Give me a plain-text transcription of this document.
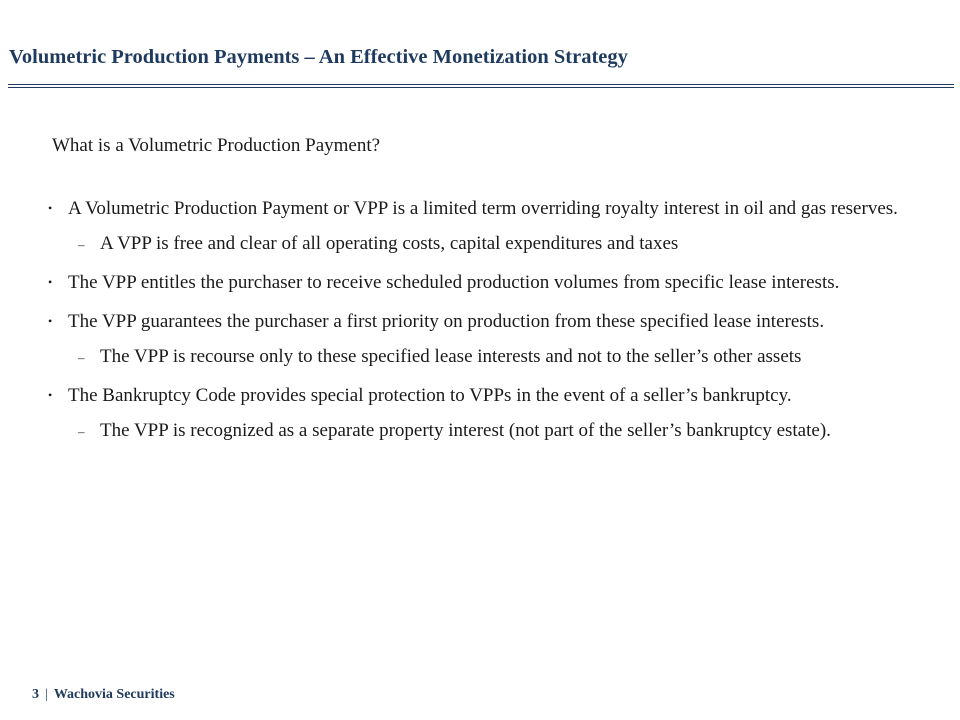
Volumetric Production Payments – An Effective Monetization Strategy

What is a Volumetric Production Payment?

• A Volumetric Production Payment or VPP is a limited term overriding royalty interest in oil and gas reserves.
– A VPP is free and clear of all operating costs, capital expenditures and taxes
• The VPP entitles the purchaser to receive scheduled production volumes from specific lease interests.
• The VPP guarantees the purchaser a first priority on production from these specified lease interests.
– The VPP is recourse only to these specified lease interests and not to the seller’s other assets
• The Bankruptcy Code provides special protection to VPPs in the event of a seller’s bankruptcy.
– The VPP is recognized as a separate property interest (not part of the seller’s bankruptcy estate).
3 | Wachovia Securities
